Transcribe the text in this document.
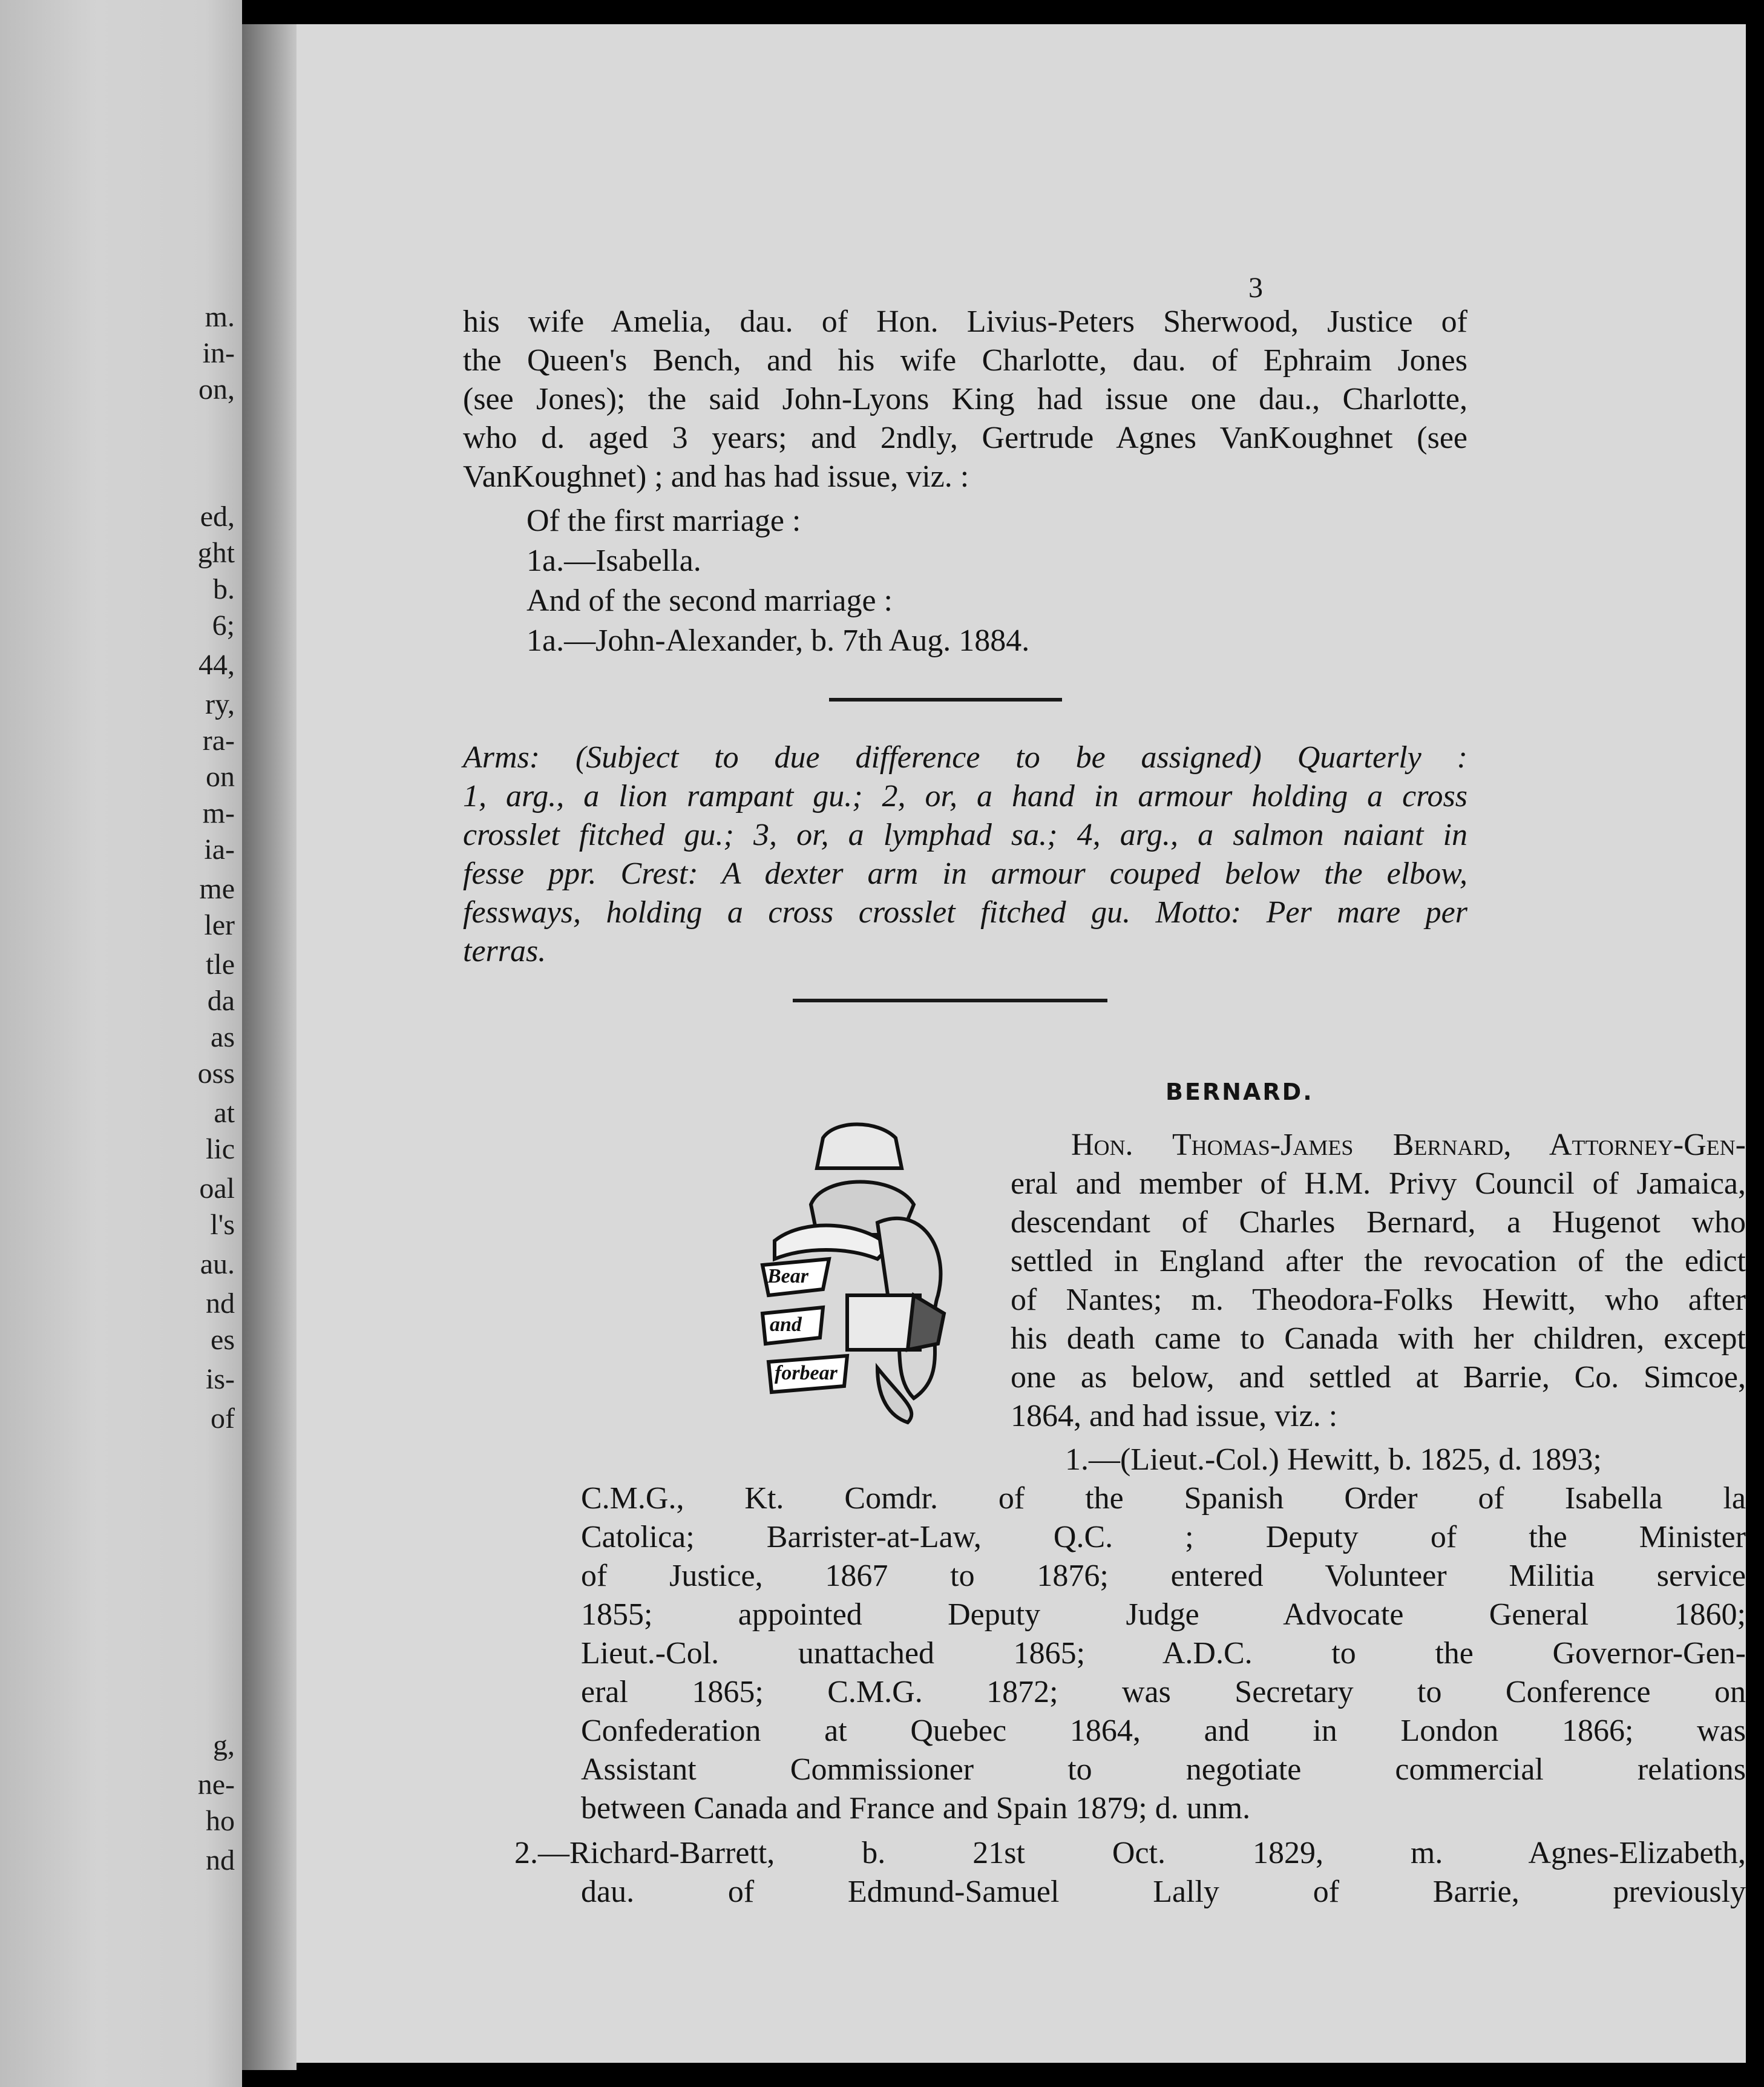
m.
in-
on,
ed,
ght
b.
6;
44,
ry,
ra-
on
m-
ia-
me
ler
tle
da
as
oss
at
lic
oal
l's
au.
nd
es
is-
of
g,
ne-
ho
nd
3
his wife Amelia, dau. of Hon. Livius-Peters Sherwood, Justice of
the Queen's Bench, and his wife Charlotte, dau. of Ephraim Jones
(see Jones); the said John-Lyons King had issue one dau., Charlotte,
who d. aged 3 years; and 2ndly, Gertrude Agnes VanKoughnet (see
VanKoughnet) ; and has had issue, viz. :
Of the first marriage :
1a.—Isabella.
And of the second marriage :
1a.—John-Alexander, b. 7th Aug. 1884.
Arms: (Subject to due difference to be assigned) Quarterly :
1, arg., a lion rampant gu.; 2, or, a hand in armour holding a cross
crosslet fitched gu.; 3, or, a lymphad sa.; 4, arg., a salmon naiant in
fesse ppr. Crest: A dexter arm in armour couped below the elbow,
fessways, holding a cross crosslet fitched gu. Motto: Per mare per
terras.
BERNARD.
Bear
and
forbear
Hon. Thomas-James Bernard, Attorney-Gen-
eral and member of H.M. Privy Council of Jamaica,
descendant of Charles Bernard, a Hugenot who
settled in England after the revocation of the edict
of Nantes; m. Theodora-Folks Hewitt, who after
his death came to Canada with her children, except
one as below, and settled at Barrie, Co. Simcoe,
1864, and had issue, viz. :
1.—(Lieut.-Col.) Hewitt, b. 1825, d. 1893;
C.M.G., Kt. Comdr. of the Spanish Order of Isabella la
Catolica; Barrister-at-Law, Q.C. ; Deputy of the Minister
of Justice, 1867 to 1876; entered Volunteer Militia service
1855; appointed Deputy Judge Advocate General 1860;
Lieut.-Col. unattached 1865; A.D.C. to the Governor-Gen-
eral 1865; C.M.G. 1872; was Secretary to Conference on
Confederation at Quebec 1864, and in London 1866; was
Assistant Commissioner to negotiate commercial relations
between Canada and France and Spain 1879; d. unm.
2.—Richard-Barrett, b. 21st Oct. 1829, m. Agnes-Elizabeth,
dau. of Edmund-Samuel Lally of Barrie, previously
